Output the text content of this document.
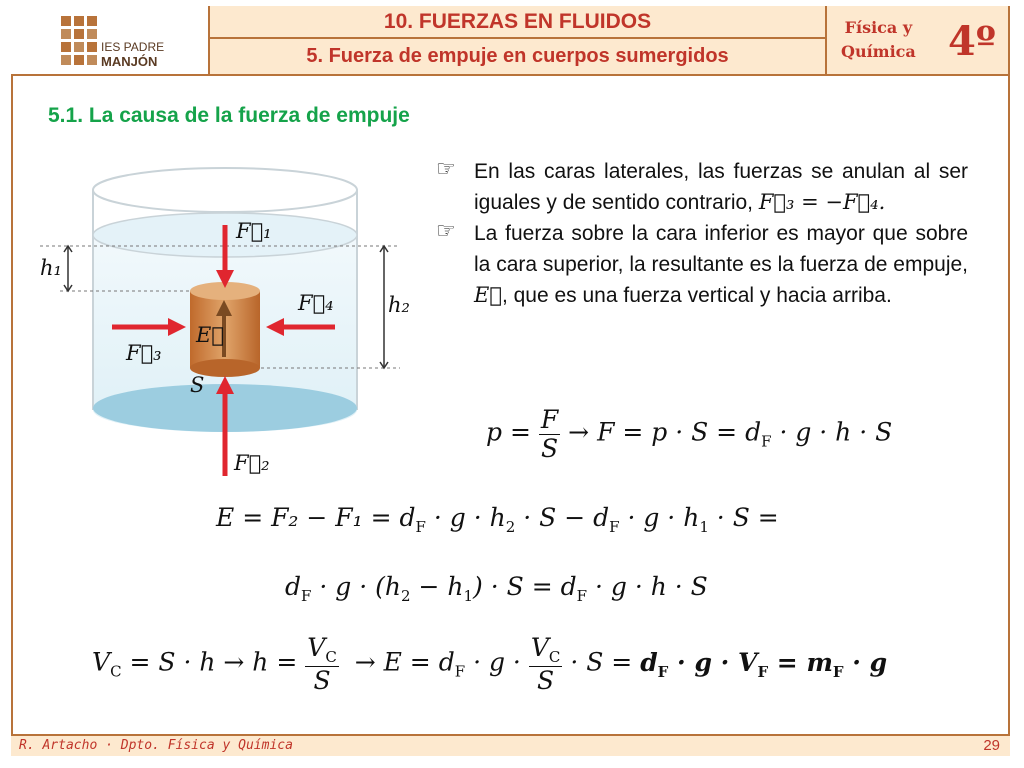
IES PADRE
MANJÓN
10. FUERZAS EN FLUIDOS
5. Fuerza de empuje en cuerpos sumergidos
Física y
Química 4º
5.1. La causa de la fuerza de empuje
F⃗₁
F⃗₂
F⃗₃
F⃗₄
E⃗
S
h₁
h₂
☞ En las caras laterales, las fuerzas se anulan al ser iguales y de sentido contrario, F⃗₃ = −F⃗₄.
☞ La fuerza sobre la cara inferior es mayor que sobre la cara superior, la resultante es la fuerza de empuje, E⃗, que es una fuerza vertical y hacia arriba.
$p = \frac{F}{S} \to F = p \cdot S = d_F \cdot g \cdot h \cdot S$
$E = F_2 - F_1 = d_F \cdot g \cdot h_2 \cdot S - d_F \cdot g \cdot h_1 \cdot S$ =
$d_F \cdot g \cdot (h_2 - h_1) \cdot S = d_F \cdot g \cdot h \cdot S$
$V_C = S \cdot h \to h = \frac{V_C}{S} \to E = d_F \cdot g \cdot \frac{V_C}{S} \cdot S = d_F \cdot g \cdot V_F = m_F \cdot g$
R. Artacho · Dpto. Física y Química	29
